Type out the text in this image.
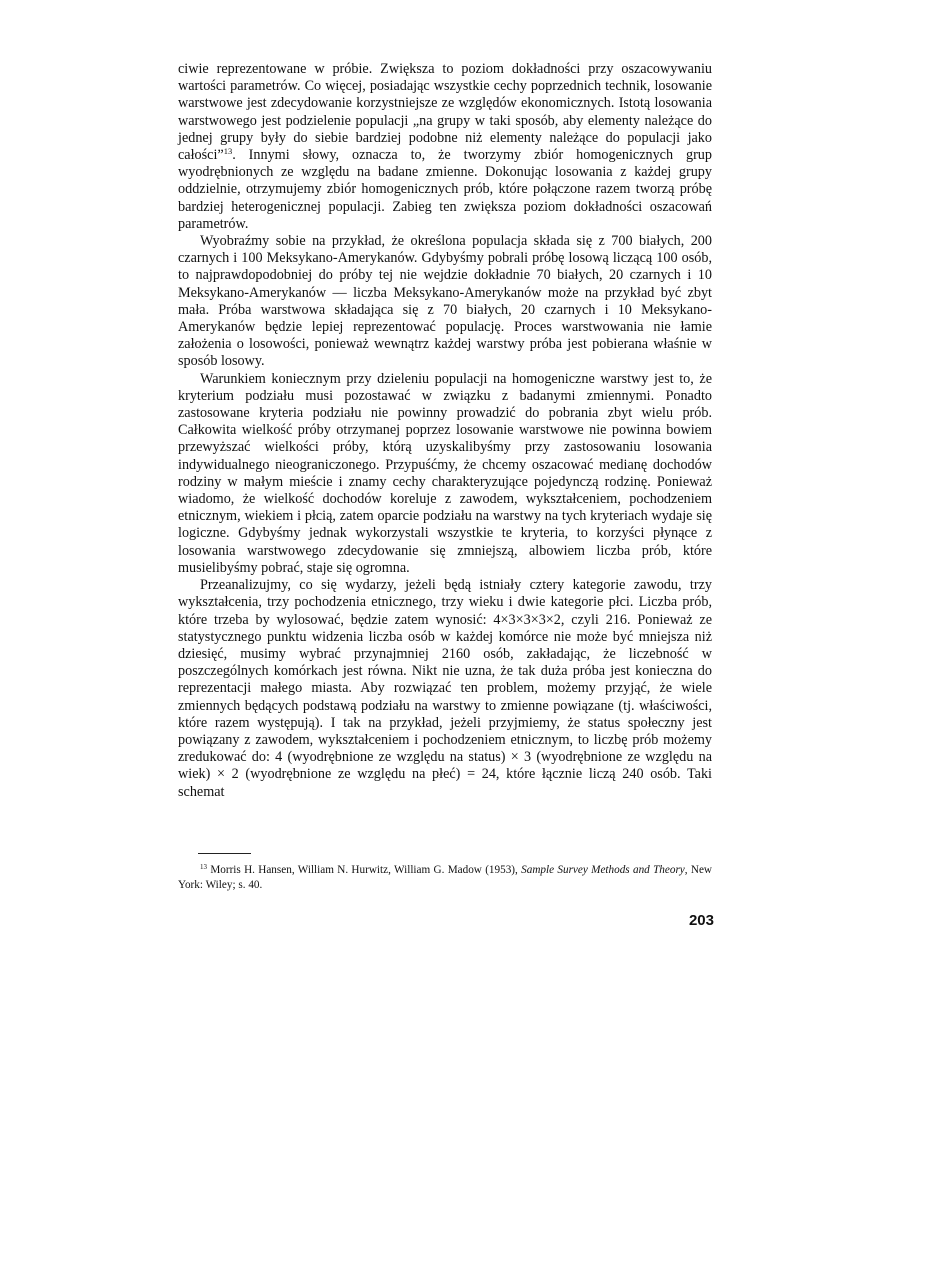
ciwie reprezentowane w próbie. Zwiększa to poziom dokładności przy oszacowywaniu wartości parametrów. Co więcej, posiadając wszystkie cechy poprzednich technik, losowanie warstwowe jest zdecydowanie korzystniejsze ze względów ekonomicznych. Istotą losowania warstwowego jest podzielenie populacji „na grupy w taki sposób, aby elementy należące do jednej grupy były do siebie bardziej podobne niż elementy należące do populacji jako całości”$^{13}$. Innymi słowy, oznacza to, że tworzymy zbiór homogenicznych grup wyodrębnionych ze względu na badane zmienne. Dokonując losowania z każdej grupy oddzielnie, otrzymujemy zbiór homogenicznych prób, które połączone razem tworzą próbę bardziej heterogenicznej populacji. Zabieg ten zwiększa poziom dokładności oszacowań parametrów.

Wyobraźmy sobie na przykład, że określona populacja składa się z 700 białych, 200 czarnych i 100 Meksykano-Amerykanów. Gdybyśmy pobrali próbę losową liczącą 100 osób, to najprawdopodobniej do próby tej nie wejdzie dokładnie 70 białych, 20 czarnych i 10 Meksykano-Amerykanów — liczba Meksykano-Amerykanów może na przykład być zbyt mała. Próba warstwowa składająca się z 70 białych, 20 czarnych i 10 Meksykano-Amerykanów będzie lepiej reprezentować populację. Proces warstwowania nie łamie założenia o losowości, ponieważ wewnątrz każdej warstwy próba jest pobierana właśnie w sposób losowy.

Warunkiem koniecznym przy dzieleniu populacji na homogeniczne warstwy jest to, że kryterium podziału musi pozostawać w związku z badanymi zmiennymi. Ponadto zastosowane kryteria podziału nie powinny prowadzić do pobrania zbyt wielu prób. Całkowita wielkość próby otrzymanej poprzez losowanie warstwowe nie powinna bowiem przewyższać wielkości próby, którą uzyskalibyśmy przy zastosowaniu losowania indywidualnego nieograniczonego. Przypuśćmy, że chcemy oszacować medianę dochodów rodziny w małym mieście i znamy cechy charakteryzujące pojedynczą rodzinę. Ponieważ wiadomo, że wielkość dochodów koreluje z zawodem, wykształceniem, pochodzeniem etnicznym, wiekiem i płcią, zatem oparcie podziału na warstwy na tych kryteriach wydaje się logiczne. Gdybyśmy jednak wykorzystali wszystkie te kryteria, to korzyści płynące z losowania warstwowego zdecydowanie się zmniejszą, albowiem liczba prób, które musielibyśmy pobrać, staje się ogromna.

Przeanalizujmy, co się wydarzy, jeżeli będą istniały cztery kategorie zawodu, trzy wykształcenia, trzy pochodzenia etnicznego, trzy wieku i dwie kategorie płci. Liczba prób, które trzeba by wylosować, będzie zatem wynosić: 4×3×3×3×2, czyli 216. Ponieważ ze statystycznego punktu widzenia liczba osób w każdej komórce nie może być mniejsza niż dziesięć, musimy wybrać przynajmniej 2160 osób, zakładając, że liczebność w poszczególnych komórkach jest równa. Nikt nie uzna, że tak duża próba jest konieczna do reprezentacji małego miasta. Aby rozwiązać ten problem, możemy przyjąć, że wiele zmiennych będących podstawą podziału na warstwy to zmienne powiązane (tj. właściwości, które razem występują). I tak na przykład, jeżeli przyjmiemy, że status społeczny jest powiązany z zawodem, wykształceniem i pochodzeniem etnicznym, to liczbę prób możemy zredukować do: 4 (wyodrębnione ze względu na status) × 3 (wyodrębnione ze względu na wiek) × 2 (wyodrębnione ze względu na płeć) = 24, które łącznie liczą 240 osób. Taki schemat

$^{13}$ Morris H. Hansen, William N. Hurwitz, William G. Madow (1953), Sample Survey Methods and Theory, New York: Wiley; s. 40.
203
